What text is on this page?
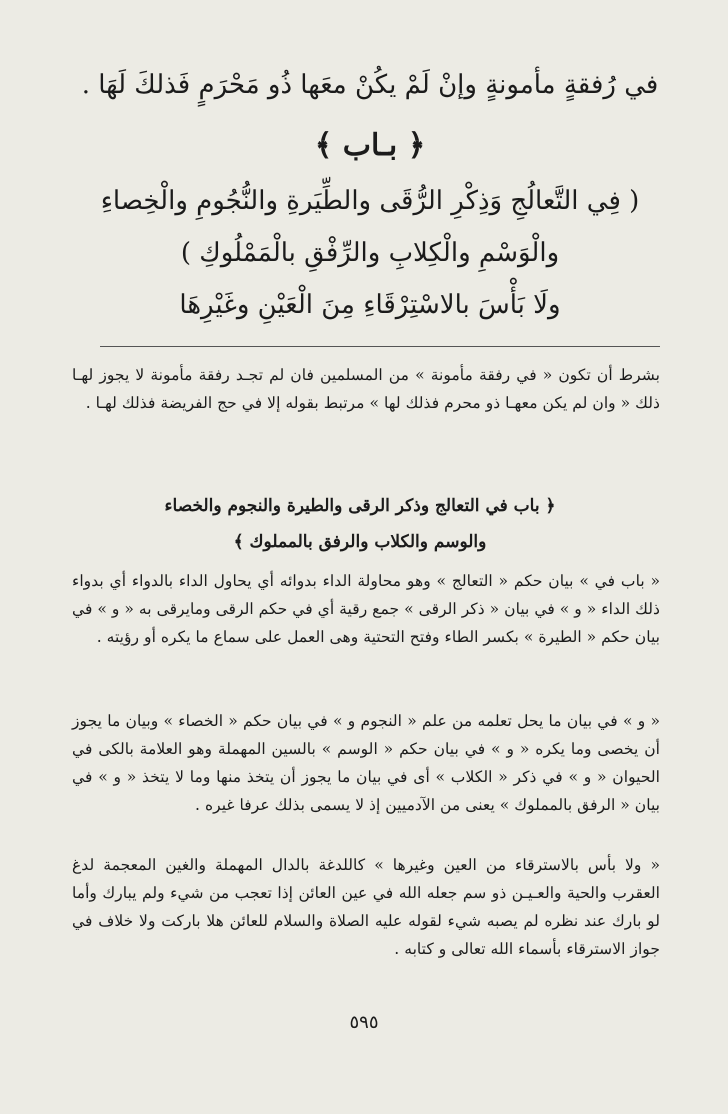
في رُفقةٍ مأمونةٍ وإنْ لَمْ يكُنْ معَها ذُو مَحْرَمٍ فَذلكَ لَهَا .
﴿ بـاب ﴾
( فِي التَّعالُجِ وَذِكْرِ الرُّقَى والطِّيَرةِ والنُّجُومِ والْخِصاءِ
والْوَسْمِ والْكِلابِ والرِّفْقِ بالْمَمْلُوكِ )
ولَا بَأْسَ بالاسْتِرْقَاءِ مِنَ الْعَيْنِ وغَيْرِهَا

بشرط أن تكون « في رفقة مأمونة » من المسلمين فان لم تجـد رفقة مأمونة لا يجوز لهـا ذلك « وان لم يكن معهـا ذو محرم فذلك لها » مرتبط بقوله إلا في حج الفريضة فذلك لهـا .

﴿ باب في التعالج وذكر الرقى والطيرة والنجوم والخصاء
والوسم والكلاب والرفق بالمملوك ﴾

« باب في » بيان حكم « التعالج » وهو محاولة الداء بدوائه أي يحاول الداء بالدواء أي بدواء ذلك الداء « و » في بيان « ذكر الرقى » جمع رقية أي في حكم الرقى ومايرقى به « و » في بيان حكم « الطيرة » بكسر الطاء وفتح التحتية وهى العمل على سماع ما يكره أو رؤيته .

« و » في بيان ما يحل تعلمه من علم « النجوم و » في بيان حكم « الخصاء » وبيان ما يجوز أن يخصى وما يكره « و » في بيان حكم « الوسم » بالسين المهملة وهو العلامة بالكى في الحيوان « و » في ذكر « الكلاب » أى في بيان ما يجوز أن يتخذ منها وما لا يتخذ « و » في بيان « الرفق بالمملوك » يعنى من الآدميين إذ لا يسمى بذلك عرفا غيره .

« ولا بأس بالاسترقاء من العين وغيرها » كاللدغة بالدال المهملة والغين المعجمة لدغ العقرب والحية والعـيـن ذو سم جعله الله في عين العائن إذا تعجب من شيء ولم يبارك وأما لو بارك عند نظره لم يصبه شيء لقوله عليه الصلاة والسلام للعائن هلا باركت ولا خلاف في جواز الاسترقاء بأسماء الله تعالى و كتابه .

٥٩٥
